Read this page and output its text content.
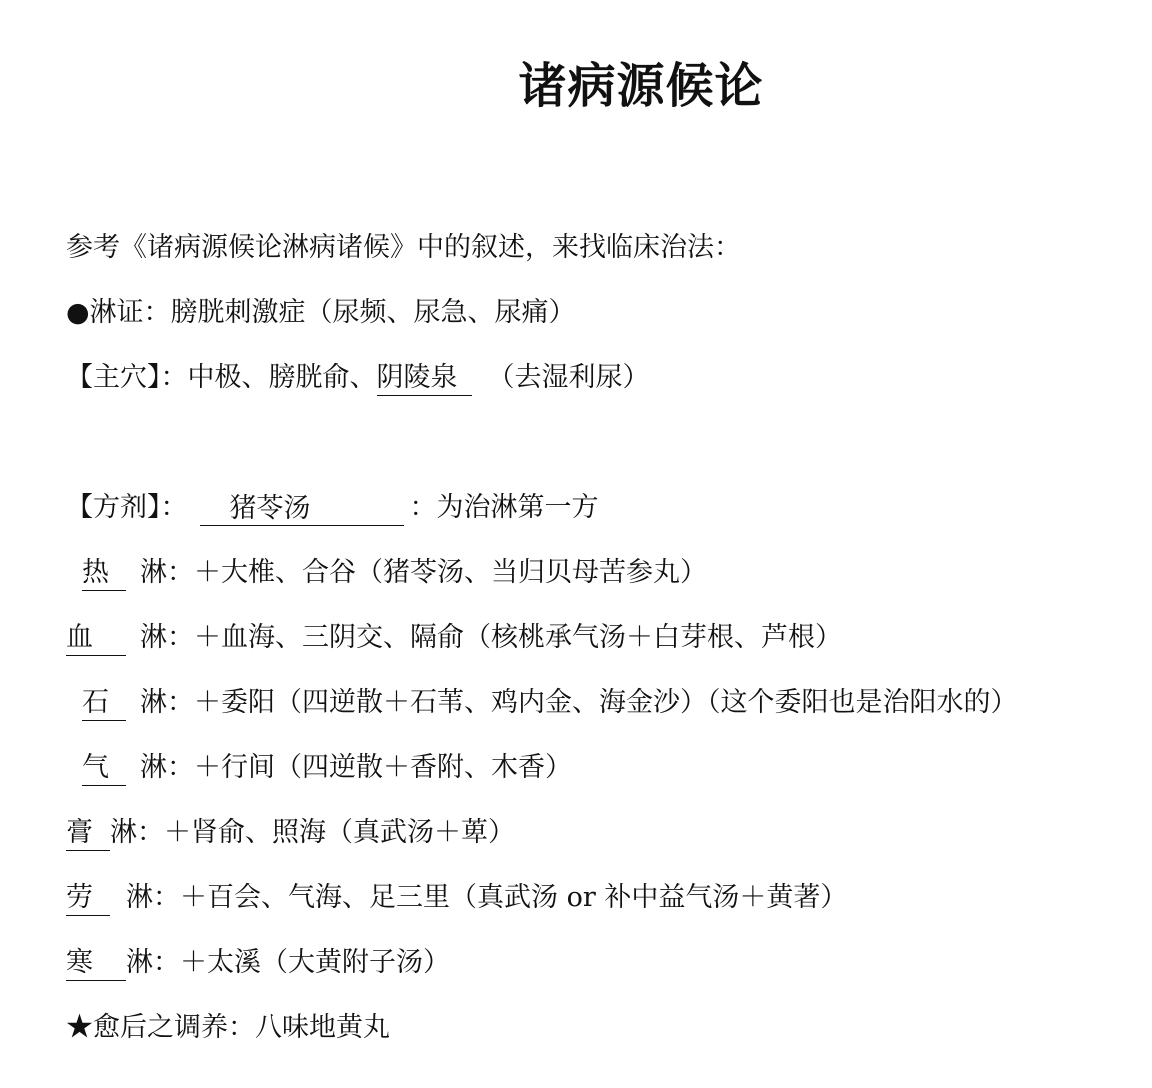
诸病源候论
参考《诸病源候论淋病诸候》中的叙述，来找临床治法：
●淋证：膀胱刺激症（尿频、尿急、尿痛）
【主穴】：中极、膀胱俞、阴陵泉 （去湿利尿）
【方剂】： 猪苓汤	：为治淋第一方
热 淋：＋大椎、合谷（猪苓汤、当归贝母苦参丸）
血 淋：＋血海、三阴交、隔俞（核桃承气汤＋白芽根、芦根）
石 淋：＋委阳（四逆散＋石苇、鸡内金、海金沙）（这个委阳也是治阳水的）
气 淋：＋行间（四逆散＋香附、木香）
膏 淋：＋肾俞、照海（真武汤＋萆）
劳 淋：＋百会、气海、足三里（真武汤 or 补中益气汤＋黄著）
寒 淋：＋太溪（大黄附子汤）
★愈后之调养：八味地黄丸
